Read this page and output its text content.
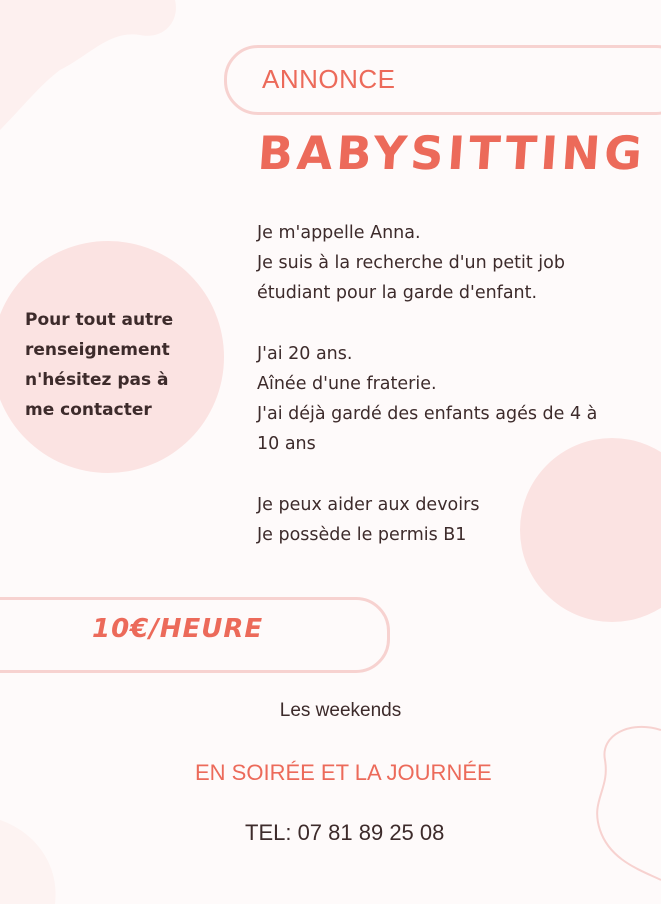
ANNONCE
BABYSITTING
Je m'appelle Anna.
Je suis à la recherche d'un petit job
étudiant pour la garde d'enfant.
J'ai 20 ans.
Aînée d'une fraterie.
J'ai déjà gardé des enfants agés de 4 à
10 ans
Je peux aider aux devoirs
Je possède le permis B1
Pour tout autre
renseignement
n'hésitez pas à
me contacter
10€/HEURE
Les weekends
EN SOIRÉE ET LA JOURNÉE
TEL: 07 81 89 25 08
